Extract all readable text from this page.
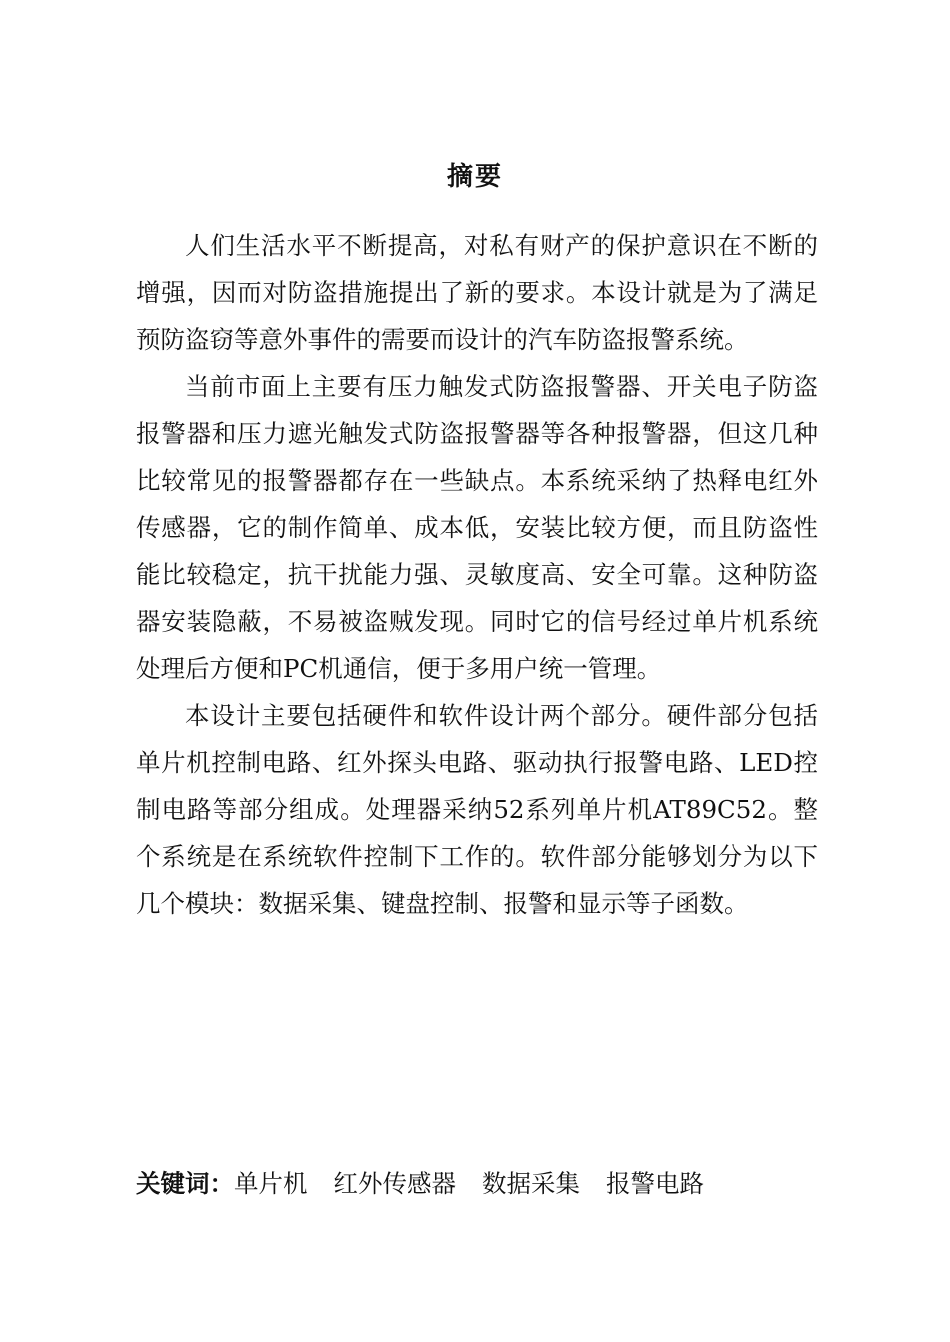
摘要

人们生活水平不断提高，对私有财产的保护意识在不断的增强，因而对防盗措施提出了新的要求。本设计就是为了满足预防盗窃等意外事件的需要而设计的汽车防盗报警系统。

当前市面上主要有压力触发式防盗报警器、开关电子防盗报警器和压力遮光触发式防盗报警器等各种报警器，但这几种比较常见的报警器都存在一些缺点。本系统采纳了热释电红外传感器，它的制作简单、成本低，安装比较方便，而且防盗性能比较稳定，抗干扰能力强、灵敏度高、安全可靠。这种防盗器安装隐蔽，不易被盗贼发现。同时它的信号经过单片机系统处理后方便和PC机通信，便于多用户统一管理。

本设计主要包括硬件和软件设计两个部分。硬件部分包括单片机控制电路、红外探头电路、驱动执行报警电路、LED控制电路等部分组成。处理器采纳52系列单片机AT89C52。整个系统是在系统软件控制下工作的。软件部分能够划分为以下几个模块：数据采集、键盘控制、报警和显示等子函数。

关键词：单片机 红外传感器 数据采集 报警电路
